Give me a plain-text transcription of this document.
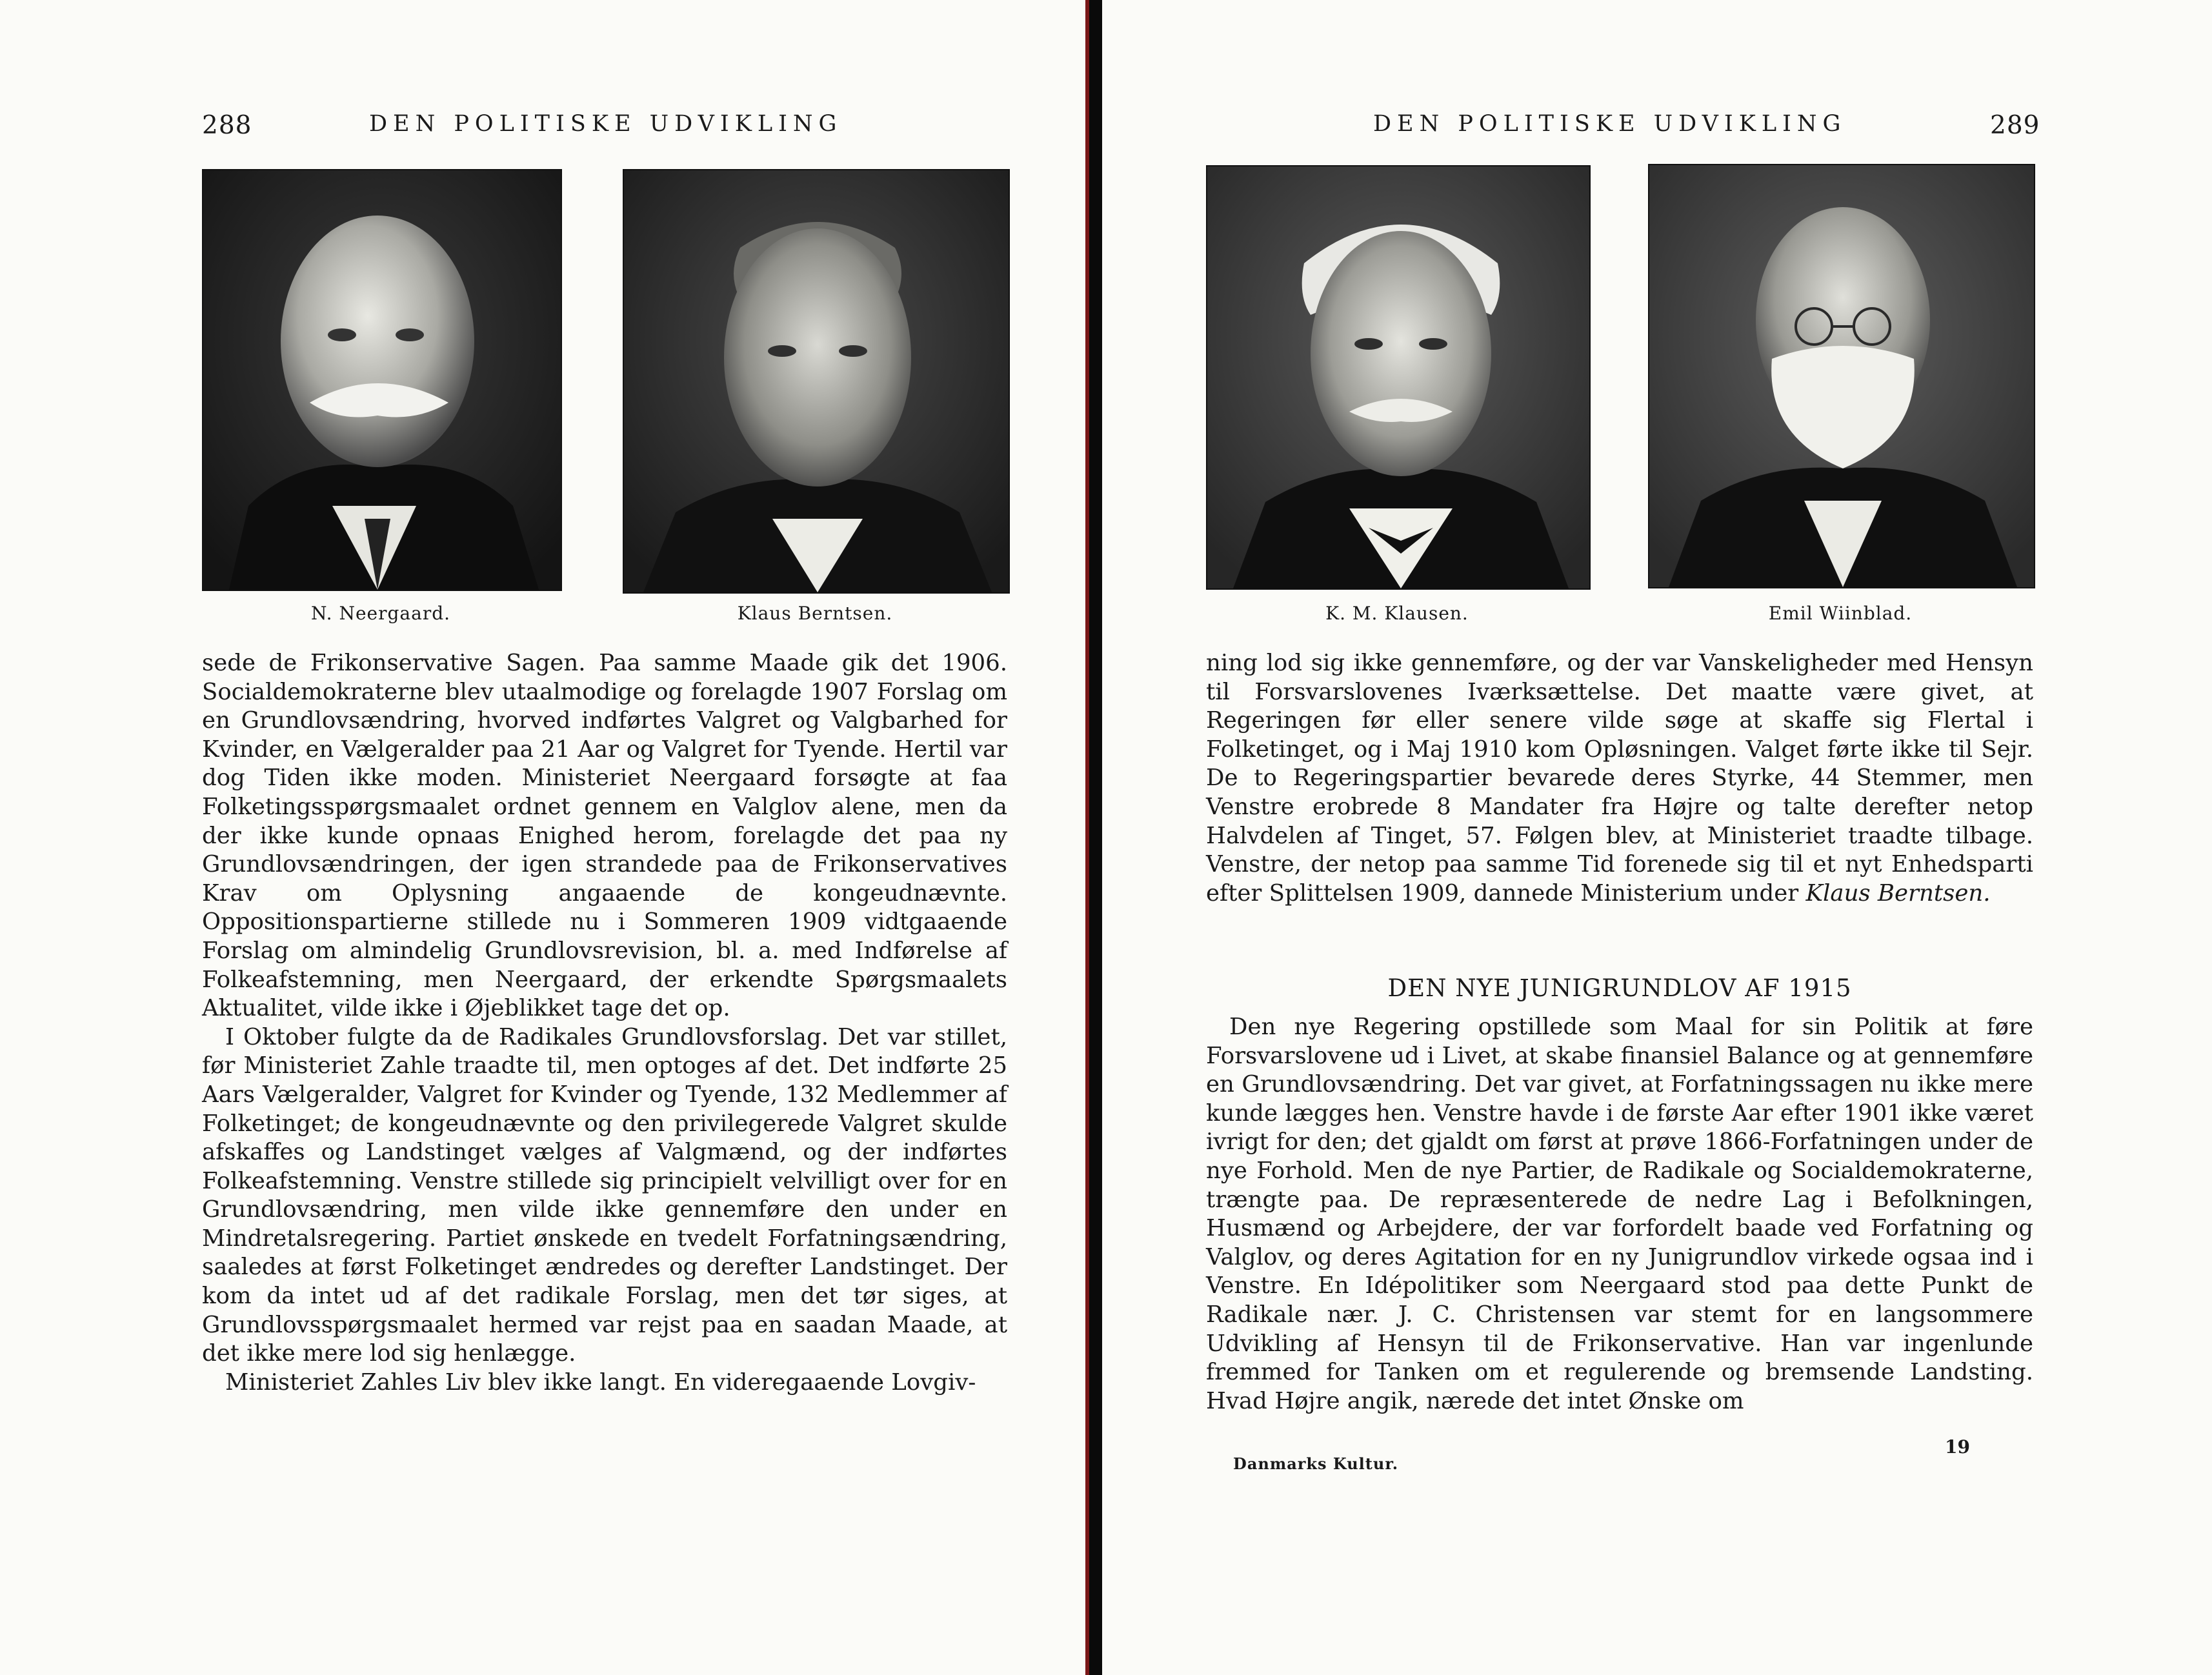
288	DEN POLITISKE UDVIKLING
N. Neergaard.	Klaus Berntsen.

sede de Frikonservative Sagen. Paa samme Maade gik det 1906. Socialdemokraterne blev utaalmodige og forelagde 1907 Forslag om en Grundlovsændring, hvorved indførtes Valgret og Valgbarhed for Kvinder, en Vælgeralder paa 21 Aar og Valgret for Tyende. Hertil var dog Tiden ikke moden. Ministeriet Neergaard forsøgte at faa Folketingsspørgsmaalet ordnet gennem en Valglov alene, men da der ikke kunde opnaas Enighed herom, forelagde det paa ny Grundlovsændringen, der igen strandede paa de Frikonservatives Krav om Oplysning angaaende de kongeudnævnte. Oppositionspartierne stillede nu i Sommeren 1909 vidtgaaende Forslag om almindelig Grundlovsrevision, bl. a. med Indførelse af Folkeafstemning, men Neergaard, der erkendte Spørgsmaalets Aktualitet, vilde ikke i Øjeblikket tage det op.

I Oktober fulgte da de Radikales Grundlovsforslag. Det var stillet, før Ministeriet Zahle traadte til, men optoges af det. Det indførte 25 Aars Vælgeralder, Valgret for Kvinder og Tyende, 132 Medlemmer af Folketinget; de kongeudnævnte og den privilegerede Valgret skulde afskaffes og Landstinget vælges af Valgmænd, og der indførtes Folkeafstemning. Venstre stillede sig principielt velvilligt over for en Grundlovsændring, men vilde ikke gennemføre den under en Mindretalsregering. Partiet ønskede en tvedelt Forfatningsændring, saaledes at først Folketinget ændredes og derefter Landstinget. Der kom da intet ud af det radikale Forslag, men det tør siges, at Grundlovsspørgsmaalet hermed var rejst paa en saadan Maade, at det ikke mere lod sig henlægge.

Ministeriet Zahles Liv blev ikke langt. En videregaaende Lovgiv-

DEN POLITISKE UDVIKLING	289
K. M. Klausen.	Emil Wiinblad.

ning lod sig ikke gennemføre, og der var Vanskeligheder med Hensyn til Forsvarslovenes Iværksættelse. Det maatte være givet, at Regeringen før eller senere vilde søge at skaffe sig Flertal i Folketinget, og i Maj 1910 kom Opløsningen. Valget førte ikke til Sejr. De to Regeringspartier bevarede deres Styrke, 44 Stemmer, men Venstre erobrede 8 Mandater fra Højre og talte derefter netop Halvdelen af Tinget, 57. Følgen blev, at Ministeriet traadte tilbage. Venstre, der netop paa samme Tid forenede sig til et nyt Enhedsparti efter Splittelsen 1909, dannede Ministerium under Klaus Berntsen.

DEN NYE JUNIGRUNDLOV AF 1915

Den nye Regering opstillede som Maal for sin Politik at føre Forsvarslovene ud i Livet, at skabe finansiel Balance og at gennemføre en Grundlovsændring. Det var givet, at Forfatningssagen nu ikke mere kunde lægges hen. Venstre havde i de første Aar efter 1901 ikke været ivrigt for den; det gjaldt om først at prøve 1866-Forfatningen under de nye Forhold. Men de nye Partier, de Radikale og Socialdemokraterne, trængte paa. De repræsenterede de nedre Lag i Befolkningen, Husmænd og Arbejdere, der var forfordelt baade ved Forfatning og Valglov, og deres Agitation for en ny Junigrundlov virkede ogsaa ind i Venstre. En Idépolitiker som Neergaard stod paa dette Punkt de Radikale nær. J. C. Christensen var stemt for en langsommere Udvikling af Hensyn til de Frikonservative. Han var ingenlunde fremmed for Tanken om et regulerende og bremsende Landsting. Hvad Højre angik, nærede det intet Ønske om

Danmarks Kultur.
19
